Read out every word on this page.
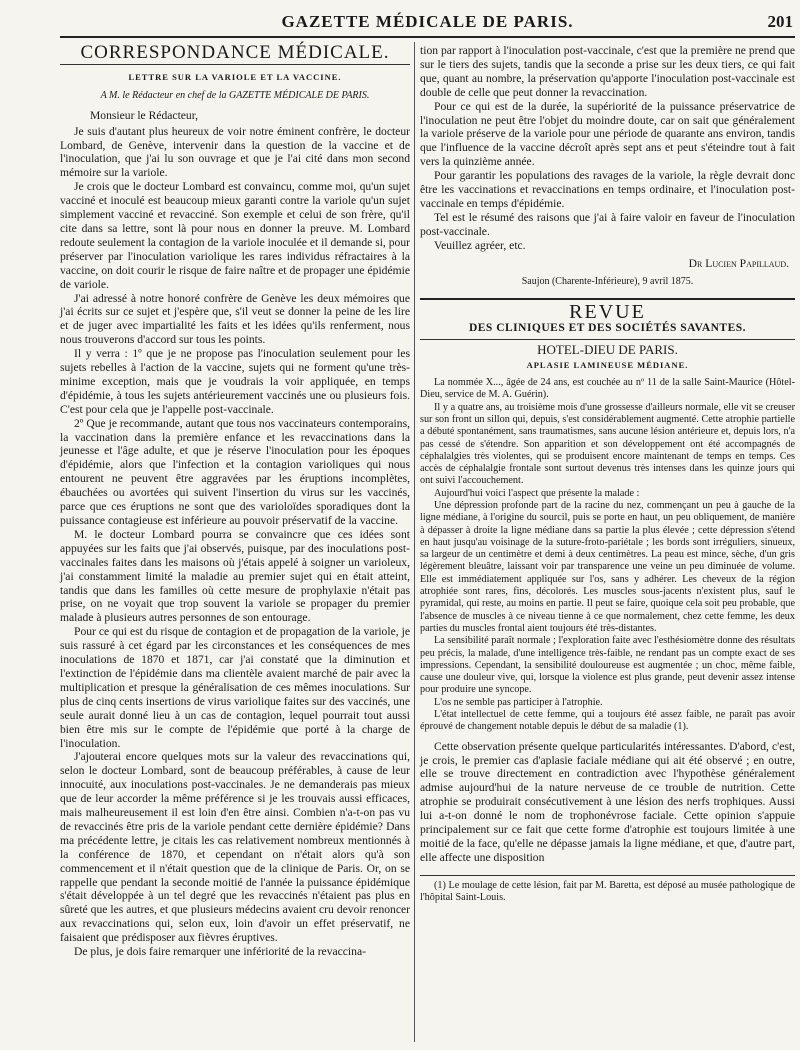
GAZETTE MÉDICALE DE PARIS.	201

CORRESPONDANCE MÉDICALE.

LETTRE SUR LA VARIOLE ET LA VACCINE.

A M. le Rédacteur en chef de la GAZETTE MÉDICALE DE PARIS.

Monsieur le Rédacteur,

Je suis d'autant plus heureux de voir notre éminent confrère, le docteur Lombard, de Genève, intervenir dans la question de la vaccine et de l'inoculation, que j'ai lu son ouvrage et que je l'ai cité dans mon second mémoire sur la variole.

Je crois que le docteur Lombard est convaincu, comme moi, qu'un sujet vacciné et inoculé est beaucoup mieux garanti contre la variole qu'un sujet simplement vacciné et revacciné. Son exemple et celui de son frère, qu'il cite dans sa lettre, sont là pour nous en donner la preuve. M. Lombard redoute seulement la contagion de la variole inoculée et il demande si, pour préserver par l'inoculation variolique les rares individus réfractaires à la vaccine, on doit courir le risque de faire naître et de propager une épidémie de variole.

J'ai adressé à notre honoré confrère de Genève les deux mémoires que j'ai écrits sur ce sujet et j'espère que, s'il veut se donner la peine de les lire et de juger avec impartialité les faits et les idées qu'ils renferment, nous nous trouverons d'accord sur tous les points.

Il y verra : 1º que je ne propose pas l'inoculation seulement pour les sujets rebelles à l'action de la vaccine, sujets qui ne forment qu'une très-minime exception, mais que je voudrais la voir appliquée, en temps d'épidémie, à tous les sujets antérieurement vaccinés une ou plusieurs fois. C'est pour cela que je l'appelle post-vaccinale.

2º Que je recommande, autant que tous nos vaccinateurs contemporains, la vaccination dans la première enfance et les revaccinations dans la jeunesse et l'âge adulte, et que je réserve l'inoculation pour les époques d'épidémie, alors que l'infection et la contagion varioliques qui nous entourent ne peuvent être aggravées par les éruptions incomplètes, ébauchées ou avortées qui suivent l'insertion du virus sur les vaccinés, parce que ces éruptions ne sont que des varioloïdes sporadiques dont la puissance contagieuse est inférieure au pouvoir préservatif de la vaccine.

M. le docteur Lombard pourra se convaincre que ces idées sont appuyées sur les faits que j'ai observés, puisque, par des inoculations post-vaccinales faites dans les maisons où j'étais appelé à soigner un varioleux, j'ai constamment limité la maladie au premier sujet qui en était atteint, tandis que dans les familles où cette mesure de prophylaxie n'était pas prise, on ne voyait que trop souvent la variole se propager du premier malade à plusieurs autres personnes de son entourage.

Pour ce qui est du risque de contagion et de propagation de la variole, je suis rassuré à cet égard par les circonstances et les conséquences de mes inoculations de 1870 et 1871, car j'ai constaté que la diminution et l'extinction de l'épidémie dans ma clientèle avaient marché de pair avec la multiplication et presque la généralisation de ces mêmes inoculations. Sur plus de cinq cents insertions de virus variolique faites sur des vaccinés, une seule aurait donné lieu à un cas de contagion, lequel pourrait tout aussi bien être mis sur le compte de l'épidémie que porté à la charge de l'inoculation.

J'ajouterai encore quelques mots sur la valeur des revaccinations qui, selon le docteur Lombard, sont de beaucoup préférables, à cause de leur innocuité, aux inoculations post-vaccinales. Je ne demanderais pas mieux que de leur accorder la même préférence si je les trouvais aussi efficaces, mais malheureusement il est loin d'en être ainsi. Combien n'a-t-on pas vu de revaccinés être pris de la variole pendant cette dernière épidémie? Dans ma précédente lettre, je citais les cas relativement nombreux mentionnés à la conférence de 1870, et cependant on n'était alors qu'à son commencement et il n'était question que de la clinique de Paris. Or, on se rappelle que pendant la seconde moitié de l'année la puissance épidémique s'était développée à un tel degré que les revaccinés n'étaient pas plus en sûreté que les autres, et que plusieurs médecins avaient cru devoir renoncer aux revaccinations qui, selon eux, loin d'avoir un effet préservatif, ne faisaient que prédisposer aux fièvres éruptives.

De plus, je dois faire remarquer une infériorité de la revaccina-

tion par rapport à l'inoculation post-vaccinale, c'est que la première ne prend que sur le tiers des sujets, tandis que la seconde a prise sur les deux tiers, ce qui fait que, quant au nombre, la préservation qu'apporte l'inoculation post-vaccinale est double de celle que peut donner la revaccination.

Pour ce qui est de la durée, la supériorité de la puissance préservatrice de l'inoculation ne peut être l'objet du moindre doute, car on sait que généralement la variole préserve de la variole pour une période de quarante ans environ, tandis que l'influence de la vaccine décroît après sept ans et peut s'éteindre tout à fait vers la quinzième année.

Pour garantir les populations des ravages de la variole, la règle devrait donc être les vaccinations et revaccinations en temps ordinaire, et l'inoculation post-vaccinale en temps d'épidémie.

Tel est le résumé des raisons que j'ai à faire valoir en faveur de l'inoculation post-vaccinale.

Veuillez agréer, etc.

Dr Lucien Papillaud.

Saujon (Charente-Inférieure), 9 avril 1875.

REVUE

DES CLINIQUES ET DES SOCIÉTÉS SAVANTES.

HOTEL-DIEU DE PARIS.

APLASIE LAMINEUSE MÉDIANE.

La nommée X..., âgée de 24 ans, est couchée au nº 11 de la salle Saint-Maurice (Hôtel-Dieu, service de M. A. Guérin).

Il y a quatre ans, au troisième mois d'une grossesse d'ailleurs normale, elle vit se creuser sur son front un sillon qui, depuis, s'est considérablement augmenté. Cette atrophie partielle a débuté spontanément, sans traumatismes, sans aucune lésion antérieure et, depuis lors, n'a pas cessé de s'étendre. Son apparition et son développement ont été accompagnés de céphalalgies très violentes, qui se produisent encore maintenant de temps en temps. Ces accès de céphalalgie frontale sont surtout devenus très intenses dans les quinze jours qui ont suivi l'accouchement.

Aujourd'hui voici l'aspect que présente la malade :

Une dépression profonde part de la racine du nez, commençant un peu à gauche de la ligne médiane, à l'origine du sourcil, puis se porte en haut, un peu obliquement, de manière à dépasser à droite la ligne médiane dans sa partie la plus élevée ; cette dépression s'étend en haut jusqu'au voisinage de la suture-froto-pariétale ; les bords sont irréguliers, sinueux, sa largeur de un centimètre et demi à deux centimètres. La peau est mince, sèche, d'un gris légèrement bleuâtre, laissant voir par transparence une veine un peu diminuée de volume. Elle est immédiatement appliquée sur l'os, sans y adhérer. Les cheveux de la région atrophiée sont rares, fins, décolorés. Les muscles sous-jacents n'existent plus, sauf le pyramidal, qui reste, au moins en partie. Il peut se faire, quoique cela soit peu probable, que l'absence de muscles à ce niveau tienne à ce que normalement, chez cette femme, les deux parties du muscles frontal aient toujours été très-distantes.

La sensibilité paraît normale ; l'exploration faite avec l'esthésiomètre donne des résultats peu précis, la malade, d'une intelligence très-faible, ne rendant pas un compte exact de ses impressions. Cependant, la sensibilité douloureuse est augmentée ; un choc, même faible, cause une douleur vive, qui, lorsque la violence est plus grande, peut devenir assez intense pour produire une syncope.

L'os ne semble pas participer à l'atrophie.

L'état intellectuel de cette femme, qui a toujours été assez faible, ne paraît pas avoir éprouvé de changement notable depuis le début de sa maladie (1).

Cette observation présente quelque particularités intéressantes. D'abord, c'est, je crois, le premier cas d'aplasie faciale médiane qui ait été observé ; en outre, elle se trouve directement en contradiction avec l'hypothèse généralement admise aujourd'hui de la nature nerveuse de ce trouble de nutrition. Cette atrophie se produirait consécutivement à une lésion des nerfs trophiques. Aussi lui a-t-on donné le nom de trophonévrose faciale. Cette opinion s'appuie principalement sur ce fait que cette forme d'atrophie est toujours limitée à une moitié de la face, qu'elle ne dépasse jamais la ligne médiane, et que, d'autre part, elle affecte une disposition

(1) Le moulage de cette lésion, fait par M. Baretta, est déposé au musée pathologique de l'hôpital Saint-Louis.
